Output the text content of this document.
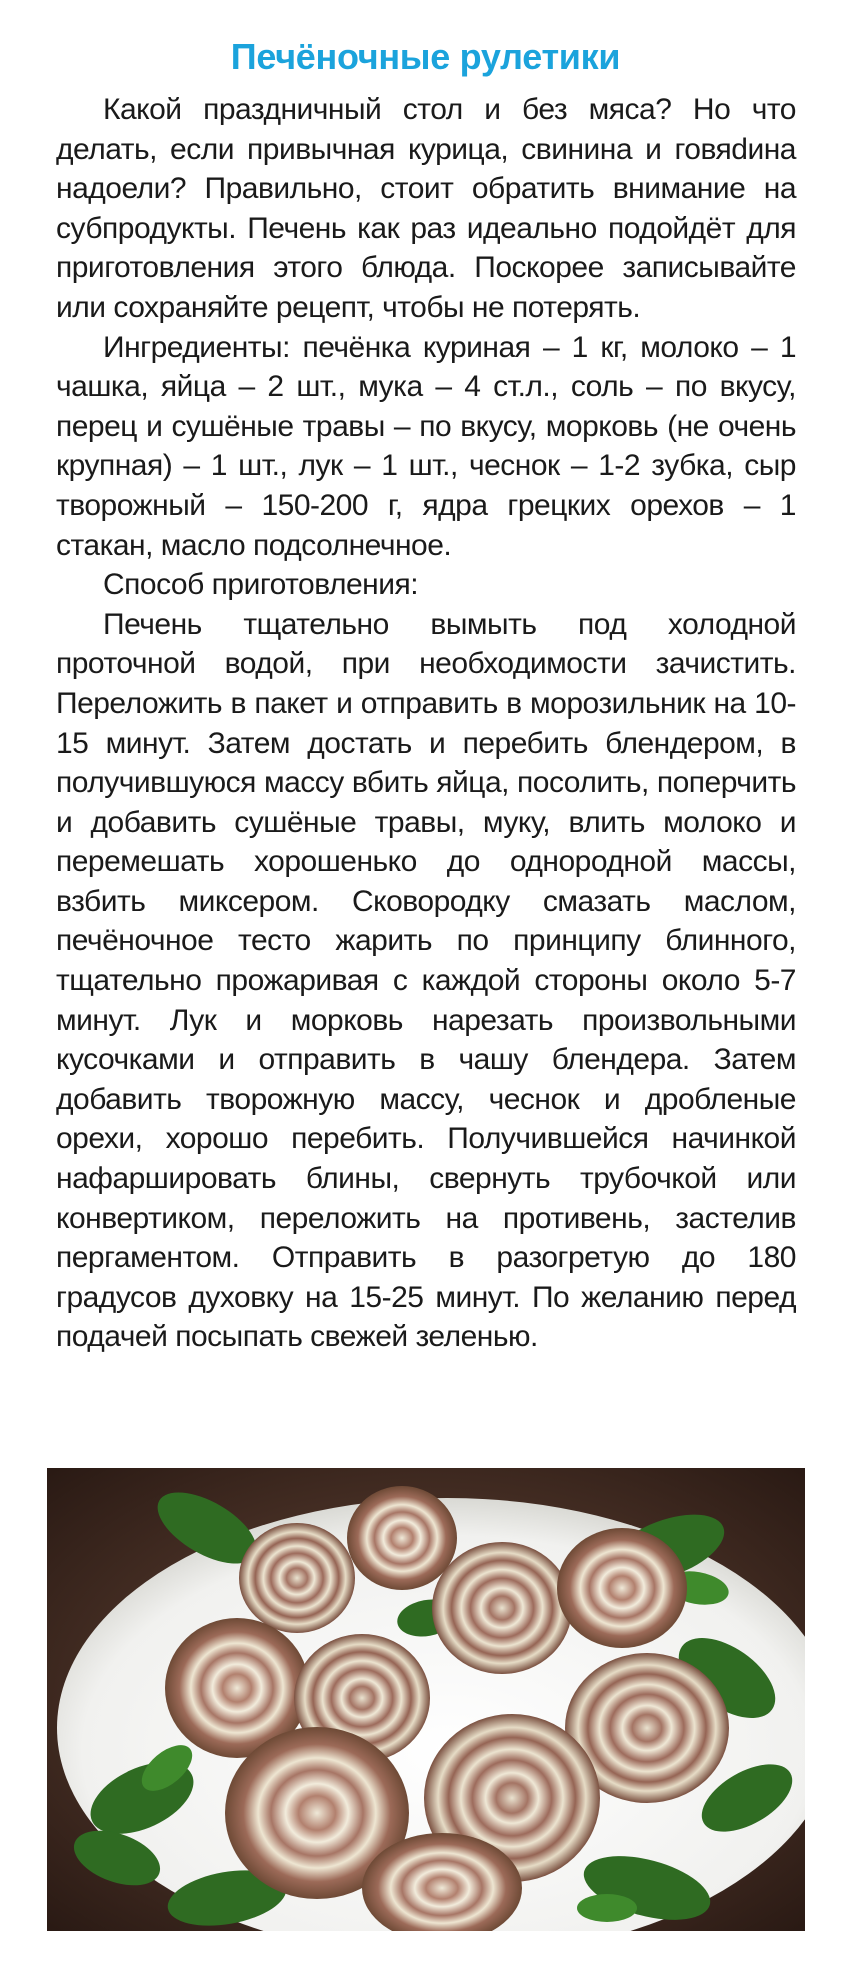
Печёночные рулетики

Какой праздничный стол и без мяса? Но что делать, если привычная курица, свинина и говяdина надоели? Правильно, стоит обратить внимание на субпродукты. Печень как раз идеально подойдёт для приготовления этого блюда. Поскорее записывайте или сохраняйте рецепт, чтобы не потерять.

Ингредиенты: печёнка куриная – 1 кг, молоко – 1 чашка, яйца – 2 шт., мука – 4 ст.л., соль – по вкусу, перец и сушёные травы – по вкусу, морковь (не очень крупная) – 1 шт., лук – 1 шт., чеснок – 1-2 зубка, сыр творожный – 150-200 г, ядра грецких орехов – 1 стакан, масло подсолнечное.

Способ приготовления:

Печень тщательно вымыть под холодной проточной водой, при необходимости зачистить. Переложить в пакет и отправить в морозильник на 10-15 минут. Затем достать и перебить блендером, в получившуюся массу вбить яйца, посолить, поперчить и добавить сушёные травы, муку, влить молоко и перемешать хорошенько до однородной массы, взбить миксером. Сковородку смазать маслом, печёночное тесто жарить по принципу блинного, тщательно прожаривая с каждой стороны около 5-7 минут. Лук и морковь нарезать произвольными кусочками и отправить в чашу блендера. Затем добавить творожную массу, чеснок и дробленые орехи, хорошо перебить. Получившейся начинкой нафаршировать блины, свернуть трубочкой или конвертиком, переложить на противень, застелив пергаментом. Отправить в разогретую до 180 градусов духовку на 15-25 минут. По желанию перед подачей посыпать свежей зеленью.
